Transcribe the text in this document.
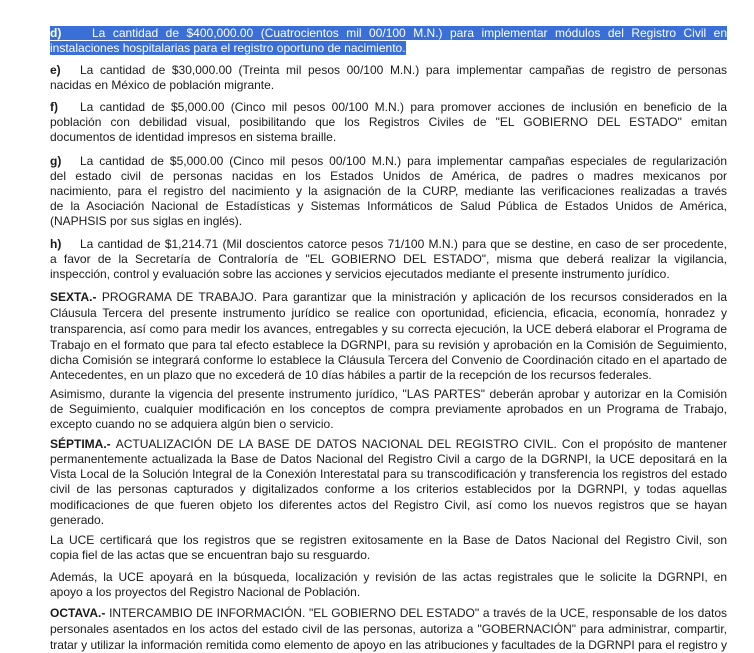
d)	La cantidad de $400,000.00 (Cuatrocientos mil 00/100 M.N.) para implementar módulos del Registro Civil en
instalaciones hospitalarias para el registro oportuno de nacimiento.
e) La cantidad de $30,000.00 (Treinta mil pesos 00/100 M.N.) para implementar campañas de registro de personas
nacidas en México de población migrante.
f) La cantidad de $5,000.00 (Cinco mil pesos 00/100 M.N.) para promover acciones de inclusión en beneficio de la
población con debilidad visual, posibilitando que los Registros Civiles de "EL GOBIERNO DEL ESTADO" emitan
documentos de identidad impresos en sistema braille.
g) La cantidad de $5,000.00 (Cinco mil pesos 00/100 M.N.) para implementar campañas especiales de regularización
del estado civil de personas nacidas en los Estados Unidos de América, de padres o madres mexicanos por
nacimiento, para el registro del nacimiento y la asignación de la CURP, mediante las verificaciones realizadas a través
de la Asociación Nacional de Estadísticas y Sistemas Informáticos de Salud Pública de Estados Unidos de América,
(NAPHSIS por sus siglas en inglés).
h) La cantidad de $1,214.71 (Mil doscientos catorce pesos 71/100 M.N.) para que se destine, en caso de ser procedente,
a favor de la Secretaría de Contraloría de "EL GOBIERNO DEL ESTADO", misma que deberá realizar la vigilancia,
inspección, control y evaluación sobre las acciones y servicios ejecutados mediante el presente instrumento jurídico.
SEXTA.- PROGRAMA DE TRABAJO. Para garantizar que la ministración y aplicación de los recursos considerados en la
Cláusula Tercera del presente instrumento jurídico se realice con oportunidad, eficiencia, eficacia, economía, honradez y
transparencia, así como para medir los avances, entregables y su correcta ejecución, la UCE deberá elaborar el Programa de
Trabajo en el formato que para tal efecto establece la DGRNPI, para su revisión y aprobación en la Comisión de Seguimiento,
dicha Comisión se integrará conforme lo establece la Cláusula Tercera del Convenio de Coordinación citado en el apartado de
Antecedentes, en un plazo que no excederá de 10 días hábiles a partir de la recepción de los recursos federales.
Asimismo, durante la vigencia del presente instrumento jurídico, "LAS PARTES" deberán aprobar y autorizar en la Comisión
de Seguimiento, cualquier modificación en los conceptos de compra previamente aprobados en un Programa de Trabajo,
excepto cuando no se adquiera algún bien o servicio.
SÉPTIMA.- ACTUALIZACIÓN DE LA BASE DE DATOS NACIONAL DEL REGISTRO CIVIL. Con el propósito de mantener
permanentemente actualizada la Base de Datos Nacional del Registro Civil a cargo de la DGRNPI, la UCE depositará en la
Vista Local de la Solución Integral de la Conexión Interestatal para su transcodificación y transferencia los registros del estado
civil de las personas capturados y digitalizados conforme a los criterios establecidos por la DGRNPI, y todas aquellas
modificaciones de que fueren objeto los diferentes actos del Registro Civil, así como los nuevos registros que se hayan
generado.
La UCE certificará que los registros que se registren exitosamente en la Base de Datos Nacional del Registro Civil, son
copia fiel de las actas que se encuentran bajo su resguardo.
Además, la UCE apoyará en la búsqueda, localización y revisión de las actas registrales que le solicite la DGRNPI, en
apoyo a los proyectos del Registro Nacional de Población.
OCTAVA.- INTERCAMBIO DE INFORMACIÓN. "EL GOBIERNO DEL ESTADO" a través de la UCE, responsable de los datos
personales asentados en los actos del estado civil de las personas, autoriza a "GOBERNACIÓN" para administrar, compartir,
tratar y utilizar la información remitida como elemento de apoyo en las atribuciones y facultades de la DGRNPI para el registro y
